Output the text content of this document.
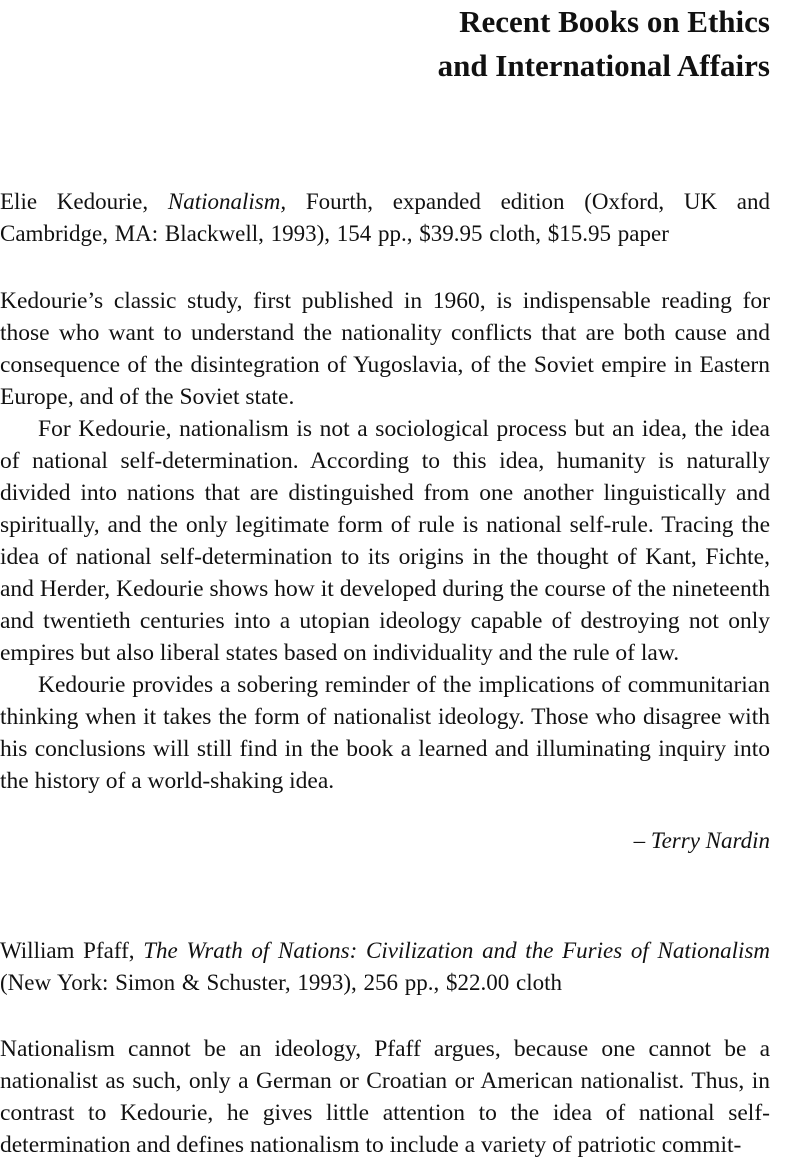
Recent Books on Ethics
and International Affairs

Elie Kedourie, Nationalism, Fourth, expanded edition (Oxford, UK and Cambridge, MA: Blackwell, 1993), 154 pp., $39.95 cloth, $15.95 paper

Kedourie’s classic study, first published in 1960, is indispensable reading for those who want to understand the nationality conflicts that are both cause and consequence of the disintegration of Yugoslavia, of the Soviet empire in Eastern Europe, and of the Soviet state.

For Kedourie, nationalism is not a sociological process but an idea, the idea of national self-determination. According to this idea, humanity is naturally divided into nations that are distinguished from one another linguistically and spiritually, and the only legitimate form of rule is national self-rule. Tracing the idea of national self-determination to its origins in the thought of Kant, Fichte, and Herder, Kedourie shows how it developed during the course of the nineteenth and twentieth centuries into a utopian ideology capable of destroying not only empires but also liberal states based on individuality and the rule of law.

Kedourie provides a sobering reminder of the implications of communitarian thinking when it takes the form of nationalist ideology. Those who disagree with his conclusions will still find in the book a learned and illuminating inquiry into the history of a world-shaking idea.

– Terry Nardin

William Pfaff, The Wrath of Nations: Civilization and the Furies of Nationalism (New York: Simon & Schuster, 1993), 256 pp., $22.00 cloth

Nationalism cannot be an ideology, Pfaff argues, because one cannot be a nationalist as such, only a German or Croatian or American nationalist. Thus, in contrast to Kedourie, he gives little attention to the idea of national self-determination and defines nationalism to include a variety of patriotic commit-
